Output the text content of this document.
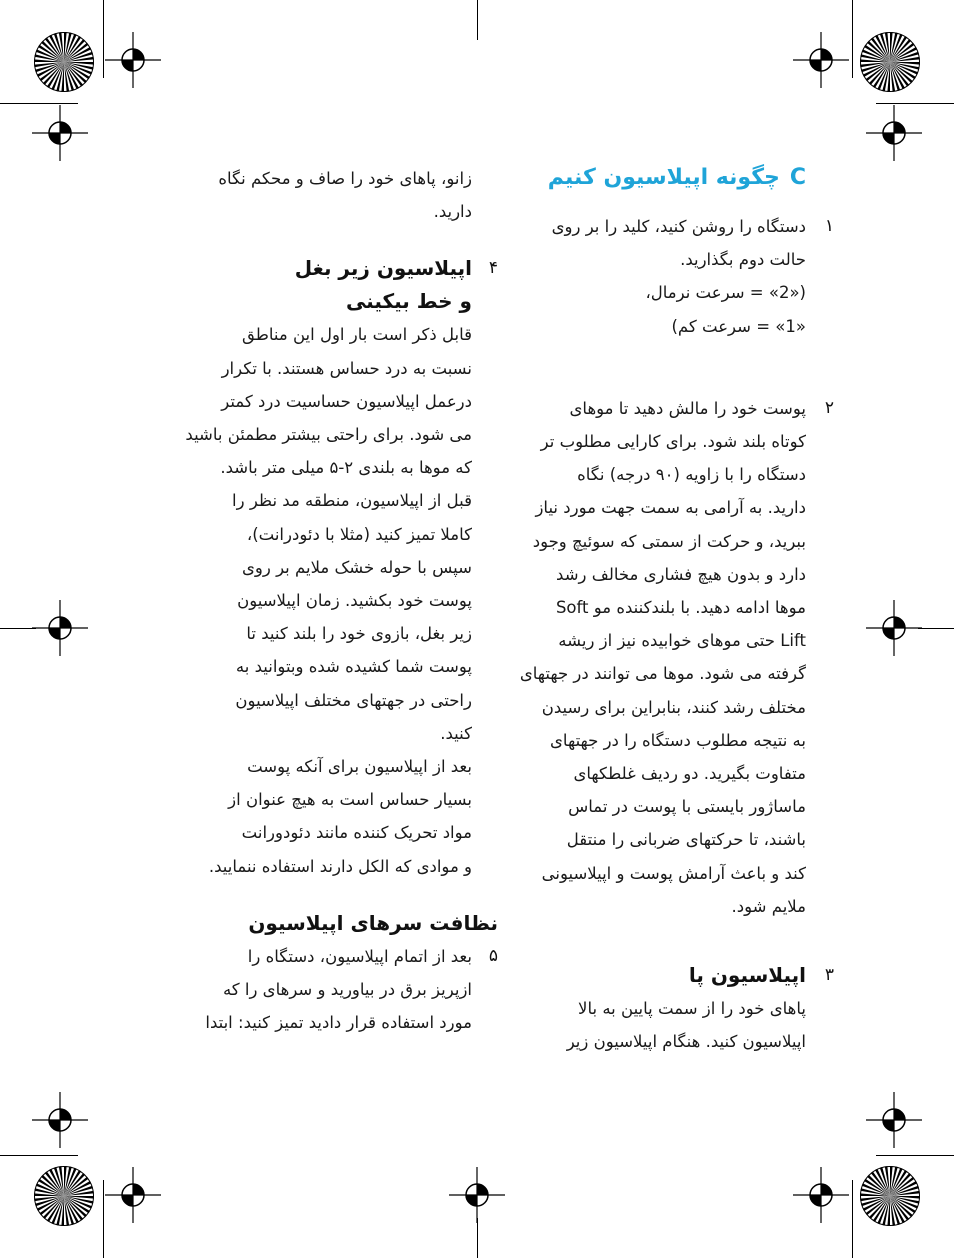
Cچگونه اپیلاسیون کنیم
۱
دستگاه را روشن کنید، کلید را بر روی
حالت دوم بگذارید.
(«2» = سرعت نرمال،
«1» = سرعت کم)
۲
پوست خود را مالش دهید تا موهای
کوتاه بلند شود. برای کارایی مطلوب تر
دستگاه را با زاویه (۹۰ درجه) نگاه
دارید. به آرامی به سمت جهت مورد نیاز
ببرید، و حرکت از سمتی که سوئیچ وجود
دارد و بدون هیچ فشاری مخالف رشد
موها ادامه دهید. با بلندکننده مو Soft
Lift حتی موهای خوابیده نیز از ریشه
گرفته می شود. موها می توانند در جهتهای
مختلف رشد کنند، بنابراین برای رسیدن
به نتیجه مطلوب دستگاه را در جهتهای
متفاوت بگیرید. دو ردیف غلطکهای
ماساژور بایستی با پوست در تماس
باشند، تا حرکتهای ضربانی را منتقل
کند و باعث آرامش پوست و اپیلاسیونی
ملایم شود.
۳
اپیلاسیون پا
پاهای خود را از سمت پایین به بالا
اپیلاسیون کنید. هنگام اپیلاسیون زیر
زانو، پاهای خود را صاف و محکم نگاه
دارید.
۴
اپیلاسیون زیر بغل
و خط بیکینی
قابل ذکر است بار اول این مناطق
نسبت به درد حساس هستند. با تکرار
درعمل اپیلاسیون حساسیت درد کمتر
می شود. برای راحتی بیشتر مطمئن باشید
که موها به بلندی ۲-۵ میلی متر باشد.
قبل از اپیلاسیون، منطقه مد نظر را
کاملا تمیز کنید (مثلا با دئودرانت)،
سپس با حوله خشک ملایم بر روی
پوست خود بکشید. زمان اپیلاسیون
زیر بغل، بازوی خود را بلند کنید تا
پوست شما کشیده شده وبتوانید به
راحتی در جهتهای مختلف اپیلاسیون
کنید.
بعد از اپیلاسیون برای آنکه پوست
بسیار حساس است به هیچ عنوان از
مواد تحریک کننده مانند دئودورانت
و موادی که الکل دارند استفاده ننمایید.
نظافت سرهای اپیلاسیون
۵
بعد از اتمام اپیلاسیون، دستگاه را
ازپریز برق در بیاورید و سرهای را که
مورد استفاده قرار دادید تمیز کنید: ابتدا
